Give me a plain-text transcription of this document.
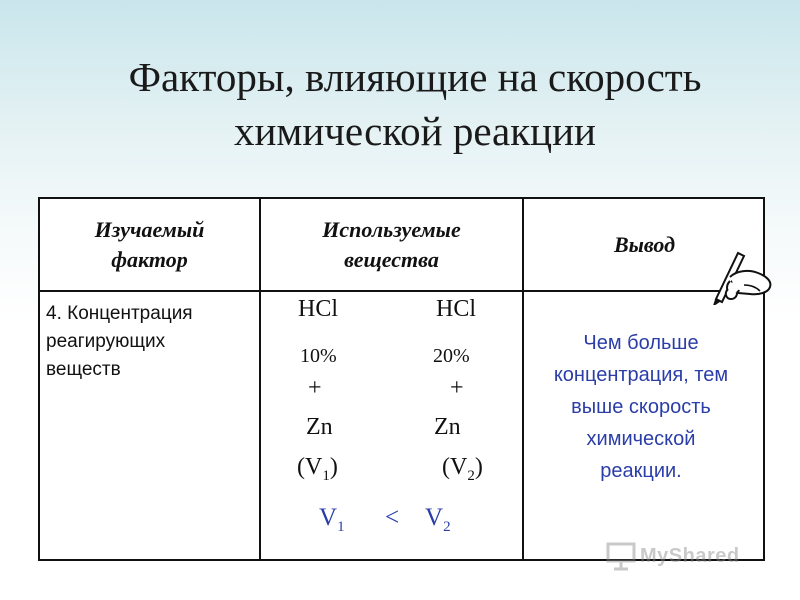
Факторы, влияющие на скорость
химической реакции
Изучаемый
фактор
Используемые
вещества
Вывод
4. Концентрация
реагирующих
веществ
HCl
10%
+
Zn
$(V_1)$
HCl
20%
+
Zn
$(V_2)$
$V_1 < V_2$
Чем больше
концентрация, тем
выше скорость
химической
реакции.
MyShared
